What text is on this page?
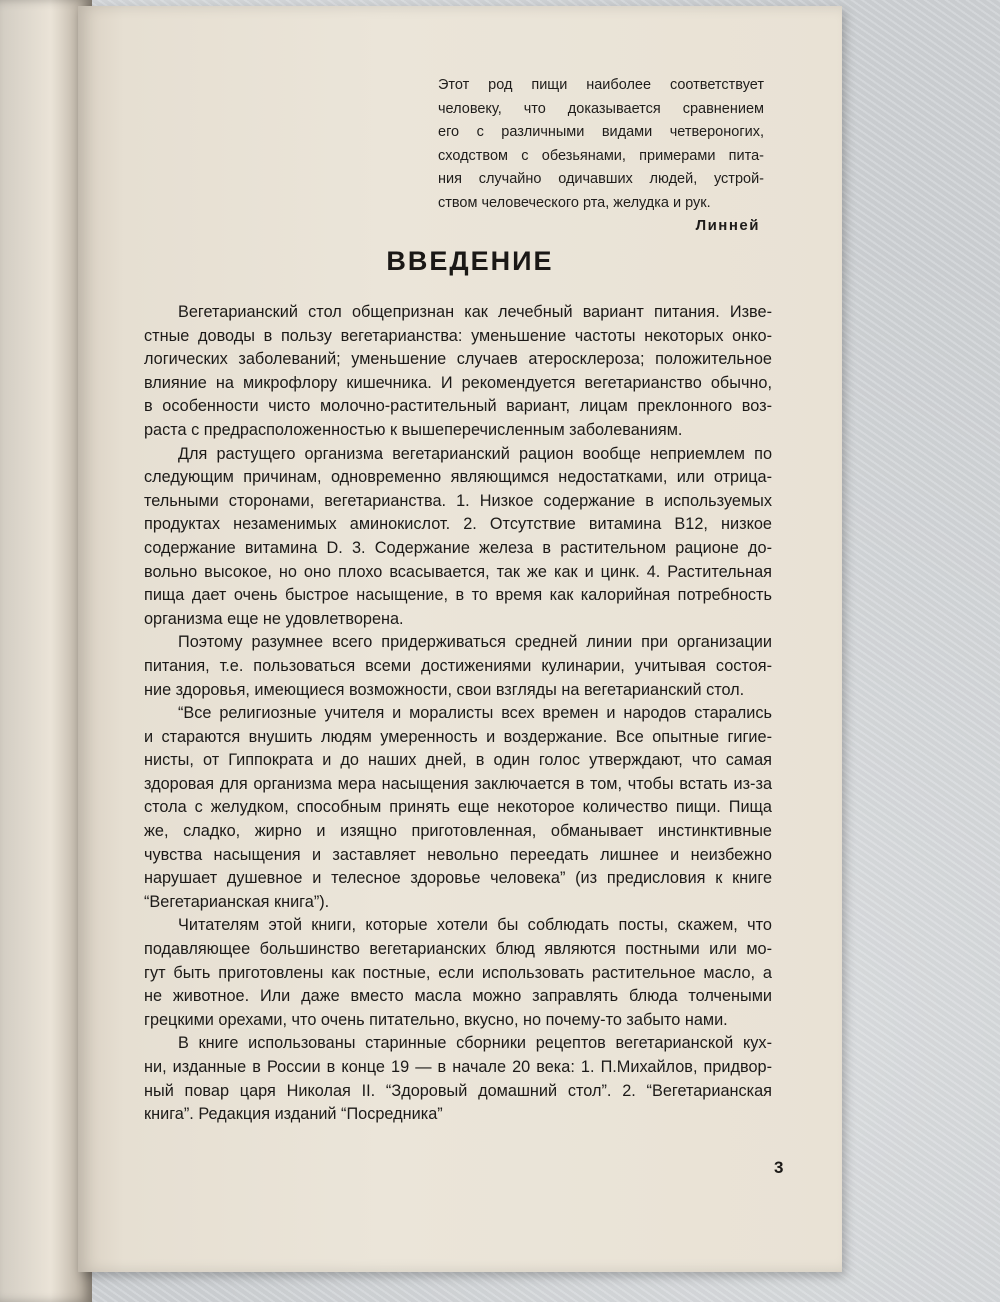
Этот род пищи наиболее соответствует
человеку, что доказывается сравнением
его с различными видами четвероногих,
сходством с обезьянами, примерами пита-
ния случайно одичавших людей, устрой-
ством человеческого рта, желудка и рук.
Линней
ВВЕДЕНИЕ
Вегетарианский стол общепризнан как лечебный вариант питания. Изве-
стные доводы в пользу вегетарианства: уменьшение частоты некоторых онко-
логических заболеваний; уменьшение случаев атеросклероза; положительное
влияние на микрофлору кишечника. И рекомендуется вегетарианство обычно,
в особенности чисто молочно-растительный вариант, лицам преклонного воз-
раста с предрасположенностью к вышеперечисленным заболеваниям.
Для растущего организма вегетарианский рацион вообще неприемлем по
следующим причинам, одновременно являющимся недостатками, или отрица-
тельными сторонами, вегетарианства. 1. Низкое содержание в используемых
продуктах незаменимых аминокислот. 2. Отсутствие витамина B12, низкое
содержание витамина D. 3. Содержание железа в растительном рационе до-
вольно высокое, но оно плохо всасывается, так же как и цинк. 4. Растительная
пища дает очень быстрое насыщение, в то время как калорийная потребность
организма еще не удовлетворена.
Поэтому разумнее всего придерживаться средней линии при организации
питания, т.е. пользоваться всеми достижениями кулинарии, учитывая состоя-
ние здоровья, имеющиеся возможности, свои взгляды на вегетарианский стол.
“Все религиозные учителя и моралисты всех времен и народов старались
и стараются внушить людям умеренность и воздержание. Все опытные гигие-
нисты, от Гиппократа и до наших дней, в один голос утверждают, что самая
здоровая для организма мера насыщения заключается в том, чтобы встать из-за
стола с желудком, способным принять еще некоторое количество пищи. Пища
же, сладко, жирно и изящно приготовленная, обманывает инстинктивные
чувства насыщения и заставляет невольно переедать лишнее и неизбежно
нарушает душевное и телесное здоровье человека” (из предисловия к книге
“Вегетарианская книга”).
Читателям этой книги, которые хотели бы соблюдать посты, скажем, что
подавляющее большинство вегетарианских блюд являются постными или мо-
гут быть приготовлены как постные, если использовать растительное масло, а
не животное. Или даже вместо масла можно заправлять блюда толчеными
грецкими орехами, что очень питательно, вкусно, но почему-то забыто нами.
В книге использованы старинные сборники рецептов вегетарианской кух-
ни, изданные в России в конце 19 — в начале 20 века: 1. П.Михайлов, придвор-
ный повар царя Николая II. “Здоровый домашний стол”. 2. “Вегетарианская
книга”. Редакция изданий “Посредника”
3
